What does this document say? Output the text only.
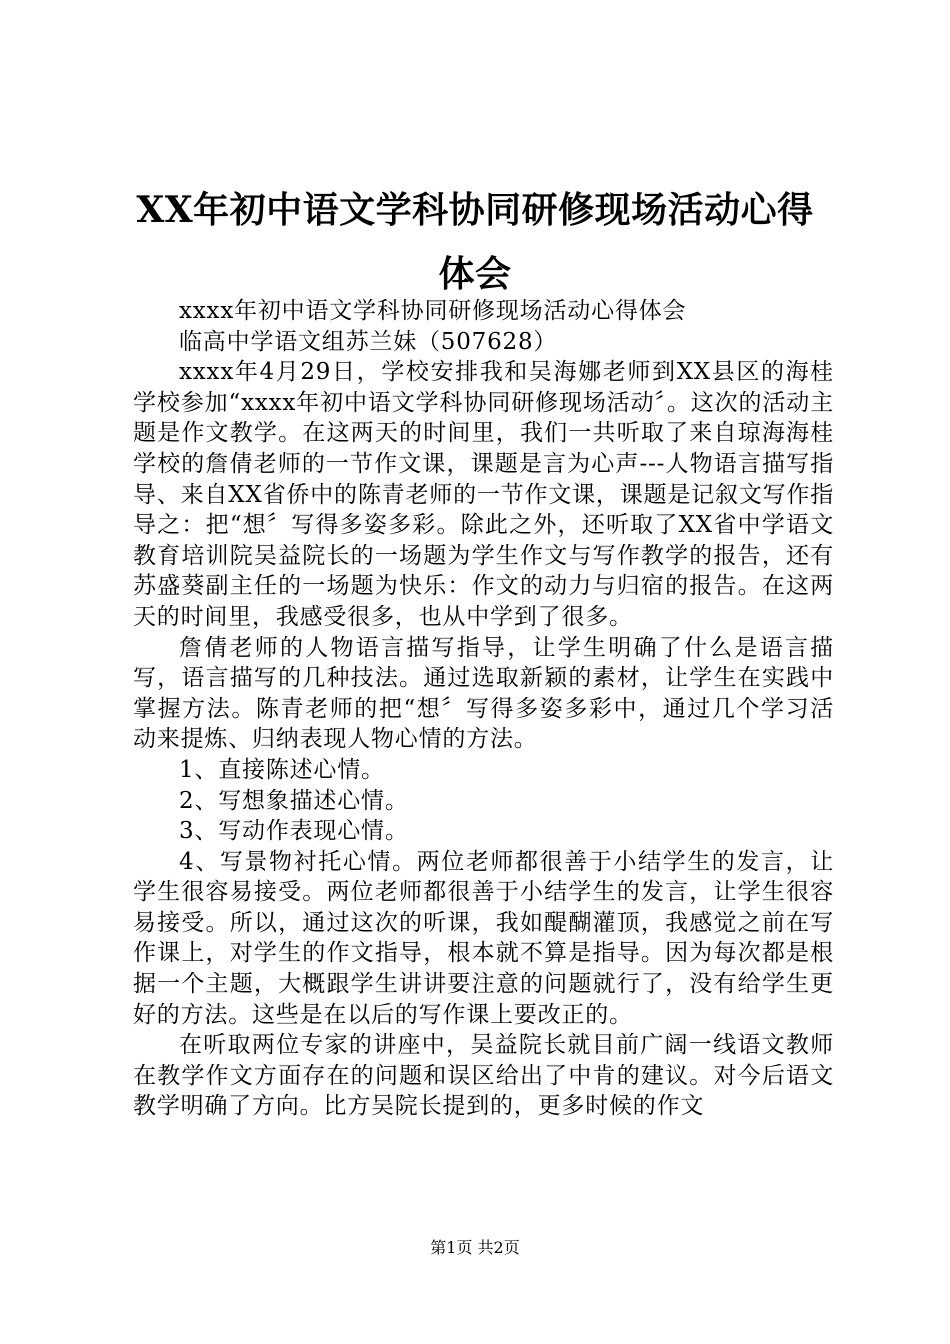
XX年初中语文学科协同研修现场活动心得体会

xxxx年初中语文学科协同研修现场活动心得体会

临高中学语文组苏兰妹（507628）

xxxx年4月29日，学校安排我和吴海娜老师到XX县区的海桂学校参加“xxxx年初中语文学科协同研修现场活动〞。这次的活动主题是作文教学。在这两天的时间里，我们一共听取了来自琼海海桂学校的詹倩老师的一节作文课，课题是言为心声---人物语言描写指导、来自XX省侨中的陈青老师的一节作文课，课题是记叙文写作指导之：把“想〞写得多姿多彩。除此之外，还听取了XX省中学语文教育培训院吴益院长的一场题为学生作文与写作教学的报告，还有苏盛葵副主任的一场题为快乐：作文的动力与归宿的报告。在这两天的时间里，我感受很多，也从中学到了很多。

詹倩老师的人物语言描写指导，让学生明确了什么是语言描写，语言描写的几种技法。通过选取新颖的素材，让学生在实践中掌握方法。陈青老师的把“想〞写得多姿多彩中，通过几个学习活动来提炼、归纳表现人物心情的方法。

1、直接陈述心情。

2、写想象描述心情。

3、写动作表现心情。

4、写景物衬托心情。两位老师都很善于小结学生的发言，让学生很容易接受。两位老师都很善于小结学生的发言，让学生很容易接受。所以，通过这次的听课，我如醍醐灌顶，我感觉之前在写作课上，对学生的作文指导，根本就不算是指导。因为每次都是根据一个主题，大概跟学生讲讲要注意的问题就行了，没有给学生更好的方法。这些是在以后的写作课上要改正的。

在听取两位专家的讲座中，吴益院长就目前广阔一线语文教师在教学作文方面存在的问题和误区给出了中肯的建议。对今后语文教学明确了方向。比方吴院长提到的，更多时候的作文

第1页 共2页
